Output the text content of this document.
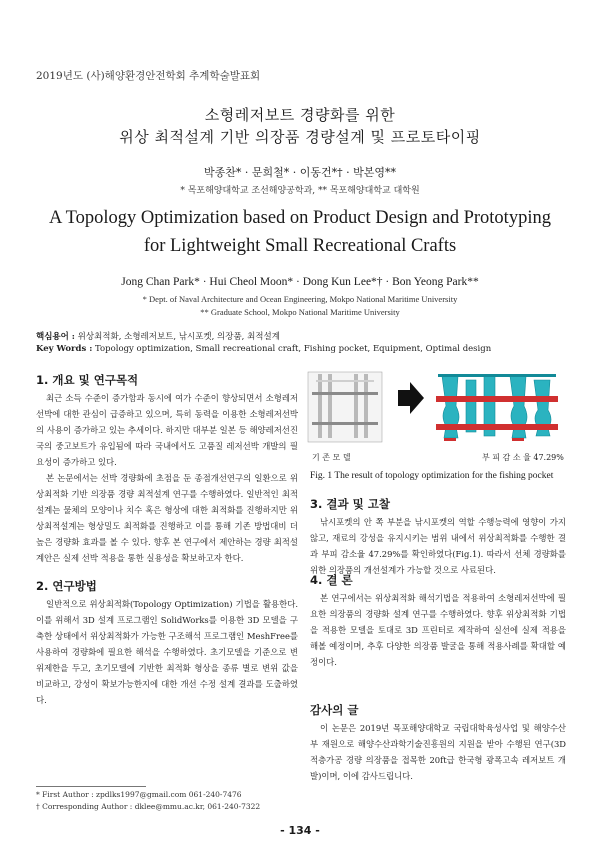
2019년도 (사)해양환경안전학회 추계학술발표회
소형레저보트 경량화를 위한
위상 최적설계 기반 의장품 경량설계 및 프로토타이핑
박종찬* · 문희철* · 이동건*† · 박본영**
* 목포해양대학교 조선해양공학과, ** 목포해양대학교 대학원
A Topology Optimization based on Product Design and Prototyping
for Lightweight Small Recreational Crafts
Jong Chan Park* · Hui Cheol Moon* · Dong Kun Lee*† · Bon Yeong Park**
* Dept. of Naval Architecture and Ocean Engineering, Mokpo National Maritime University
** Graduate School, Mokpo National Maritime University
핵심용어 : 위상최적화, 소형레저보트, 낚시포켓, 의장품, 최적설계
Key Words : Topology optimization, Small recreational craft, Fishing pocket, Equipment, Optimal design
1. 개요 및 연구목적

최근 소득 수준이 증가함과 동시에 여가 수준이 향상되면서 소형레저선박에 대한 관심이 급증하고 있으며, 특히 동력을 이용한 소형레저선박의 사용이 증가하고 있는 추세이다. 하지만 대부분 일본 등 해양레저선진국의 중고보트가 유입됨에 따라 국내에서도 고품질 레저선박 개발의 필요성이 증가하고 있다.

본 논문에서는 선박 경량화에 초점을 둔 종점개선연구의 일환으로 위상최적화 기반 의장품 경량 최적설계 연구를 수행하였다. 일반적인 최적설계는 물체의 모양이나 치수 혹은 형상에 대한 최적화를 진행하지만 위상최적설계는 형상밀도 최적화를 진행하고 이를 통해 기존 방법대비 더 높은 경량화 효과를 볼 수 있다. 향후 본 연구에서 제안하는 경량 최적설계안은 실제 선박 적용을 통한 실용성을 확보하고자 한다.

2. 연구방법

일반적으로 위상최적화(Topology Optimization) 기법을 활용한다. 이를 위해서 3D 설계 프로그램인 SolidWorks를 이용한 3D 모델을 구축한 상태에서 위상최적화가 가능한 구조해석 프로그램인 MeshFree를 사용하여 경량화에 필요한 해석을 수행하였다. 초기모델을 기준으로 변위제한을 두고, 초기모델에 기반한 최적화 형상을 종류 별로 변위 값을 비교하고, 강성이 확보가능한지에 대한 개선 수정 설계 결과를 도출하였다.

* First Author : zpdlks1997@gmail.com 061-240-7476
† Corresponding Author : dklee@mmu.ac.kr, 061-240-7322
기 존 모 델	부 피 감 소 율 47.29%
Fig. 1 The result of topology optimization for the fishing pocket
3. 결과 및 고찰

낚시포켓의 안 쪽 부분을 낚시포켓의 역할 수행능력에 영향이 가지 않고, 재료의 강성을 유지시키는 범위 내에서 위상최적화를 수행한 결과 부피 감소율 47.29%를 확인하였다(Fig.1). 따라서 선체 경량화를 위한 의장품의 개선설계가 가능할 것으로 사료된다.

4. 결 론

본 연구에서는 위상최적화 해석기법을 적용하여 소형레저선박에 필요한 의장품의 경량화 설계 연구를 수행하였다. 향후 위상최적화 기법을 적용한 모델을 토대로 3D 프린터로 제작하여 실선에 실제 적용을 해볼 예정이며, 추후 다양한 의장품 발굴을 통해 적용사례를 확대할 예정이다.

감사의 글

이 논문은 2019년 목포해양대학교 국립대학육성사업 및 해양수산부 재원으로 해양수산과학기술진흥원의 지원을 받아 수행된 연구(3D 적층가공 경량 의장품을 접목한 20ft급 한국형 광폭고속 레저보트 개발)이며, 이에 감사드립니다.

- 134 -
